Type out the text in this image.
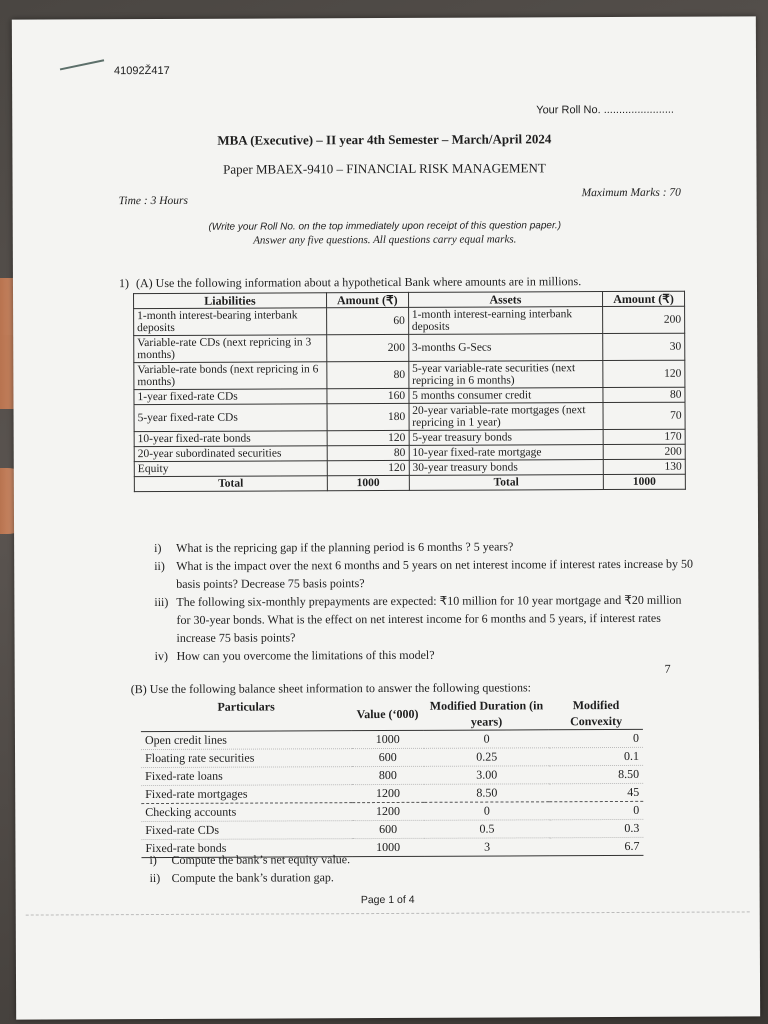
41092Ž417
Your Roll No. .......................
MBA (Executive) – II year 4th Semester – March/April 2024
Paper MBAEX-9410 – FINANCIAL RISK MANAGEMENT
Time : 3 Hours
Maximum Marks : 70
(Write your Roll No. on the top immediately upon receipt of this question paper.)
Answer any five questions. All questions carry equal marks.
1) (A) Use the following information about a hypothetical Bank where amounts are in millions.
Liabilities	Amount (₹)	Assets	Amount (₹)
1-month interest-bearing interbank deposits	60	1-month interest-earning interbank deposits	200
Variable-rate CDs (next repricing in 3 months)	200	3-months G-Secs	30
Variable-rate bonds (next repricing in 6 months)	80	5-year variable-rate securities (next repricing in 6 months)	120
1-year fixed-rate CDs	160	5 months consumer credit	80
5-year fixed-rate CDs	180	20-year variable-rate mortgages (next repricing in 1 year)	70
10-year fixed-rate bonds	120	5-year treasury bonds	170
20-year subordinated securities	80	10-year fixed-rate mortgage	200
Equity	120	30-year treasury bonds	130
Total	1000	Total	1000
i)	What is the repricing gap if the planning period is 6 months ? 5 years?
ii) What is the impact over the next 6 months and 5 years on net interest income if interest rates increase by 50 basis points? Decrease 75 basis points?
iii) The following six-monthly prepayments are expected: ₹10 million for 10 year mortgage and ₹20 million for 30-year bonds. What is the effect on net interest income for 6 months and 5 years, if interest rates increase 75 basis points?
iv) How can you overcome the limitations of this model?
7
(B) Use the following balance sheet information to answer the following questions:
Particulars	Value (‘000)	Modified Duration (in years)	Modified Convexity
Open credit lines	1000	0	0
Floating rate securities	600	0.25	0.1
Fixed-rate loans	800	3.00	8.50
Fixed-rate mortgages	1200	8.50	45
Checking accounts	1200	0	0
Fixed-rate CDs	600	0.5	0.3
Fixed-rate bonds	1000	3	6.7
i)	Compute the bank’s net equity value.
ii) Compute the bank’s duration gap.
Page 1 of 4
